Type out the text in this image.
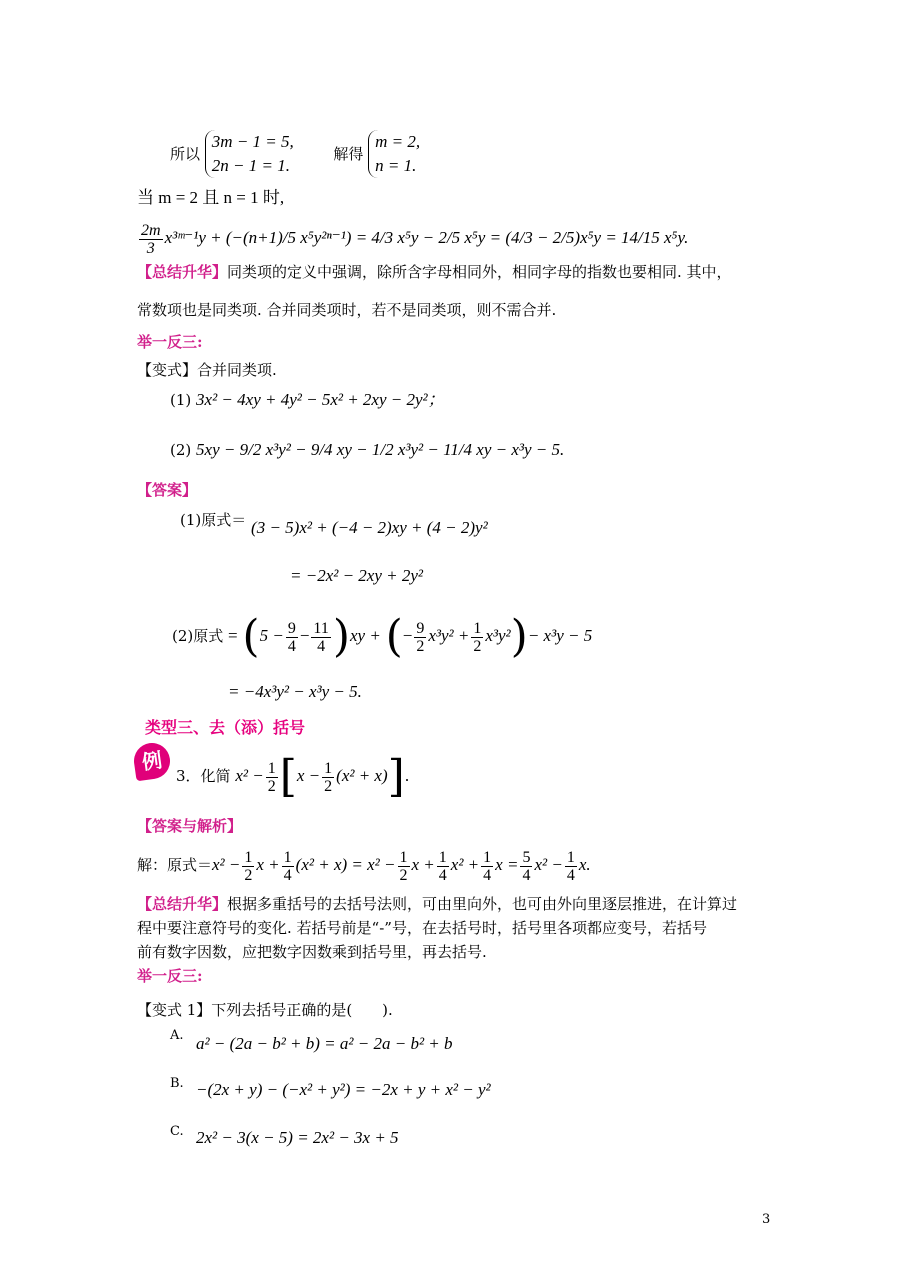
所以 3m − 1 = 5,
2n − 1 = 1.  解得 m = 2,
n = 1.
当 m = 2 且 n = 1 时,
$\frac{2m}{3}$ x³ᵐ⁻¹y + (−(n+1)/5 x⁵y²ⁿ⁻¹) = 4/3 x⁵y − 2/5 x⁵y = (4/3 − 2/5)x⁵y = 14/15 x⁵y.
【总结升华】同类项的定义中强调，除所含字母相同外，相同字母的指数也要相同. 其中，
常数项也是同类项. 合并同类项时，若不是同类项，则不需合并.
举一反三:
【变式】合并同类项.
(1) 3x² − 4xy + 4y² − 5x² + 2xy − 2y²；
(2) 5xy − 9/2 x³y² − 9/4 xy − 1/2 x³y² − 11/4 xy − x³y − 5.
【答案】
(1)原式＝ (3 − 5)x² + (−4 − 2)xy + (4 − 2)y²
= −2x² − 2xy + 2y²
(2)原式 = $(5 - \frac{9}{4} - \frac{11}{4} )xy$ + (− $\frac{9}{2} x^3y^2 + \frac{1}{2} x^3y^2)- x^3y - 5$
= −4x³y² − x³y − 5.
类型三、去（添）括号
例
3．化简 $x^2 - \frac{1}{2} [x - \frac{1}{2} (x^2 + x)]$.
【答案与解析】
解：原式$=x^2 - \frac{1}{2}$ $x + \frac{1}{4} (x^2 + x) = x^2 - \frac{1}{2}$ $x + \frac{1}{4} x^2 + \frac{1}{4}$ $x = \frac{5}{4} x^2 - \frac{1}{4} x$.
【总结升华】根据多重括号的去括号法则，可由里向外，也可由外向里逐层推进，在计算过
程中要注意符号的变化. 若括号前是“-”号，在去括号时，括号里各项都应变号，若括号
前有数字因数，应把数字因数乘到括号里，再去括号.
举一反三:
【变式 1】下列去括号正确的是(　　).
A. a² − (2a − b² + b) = a² − 2a − b² + b
B. −(2x + y) − (−x² + y²) = −2x + y + x² − y²
C. 2x² − 3(x − 5) = 2x² − 3x + 5
3
